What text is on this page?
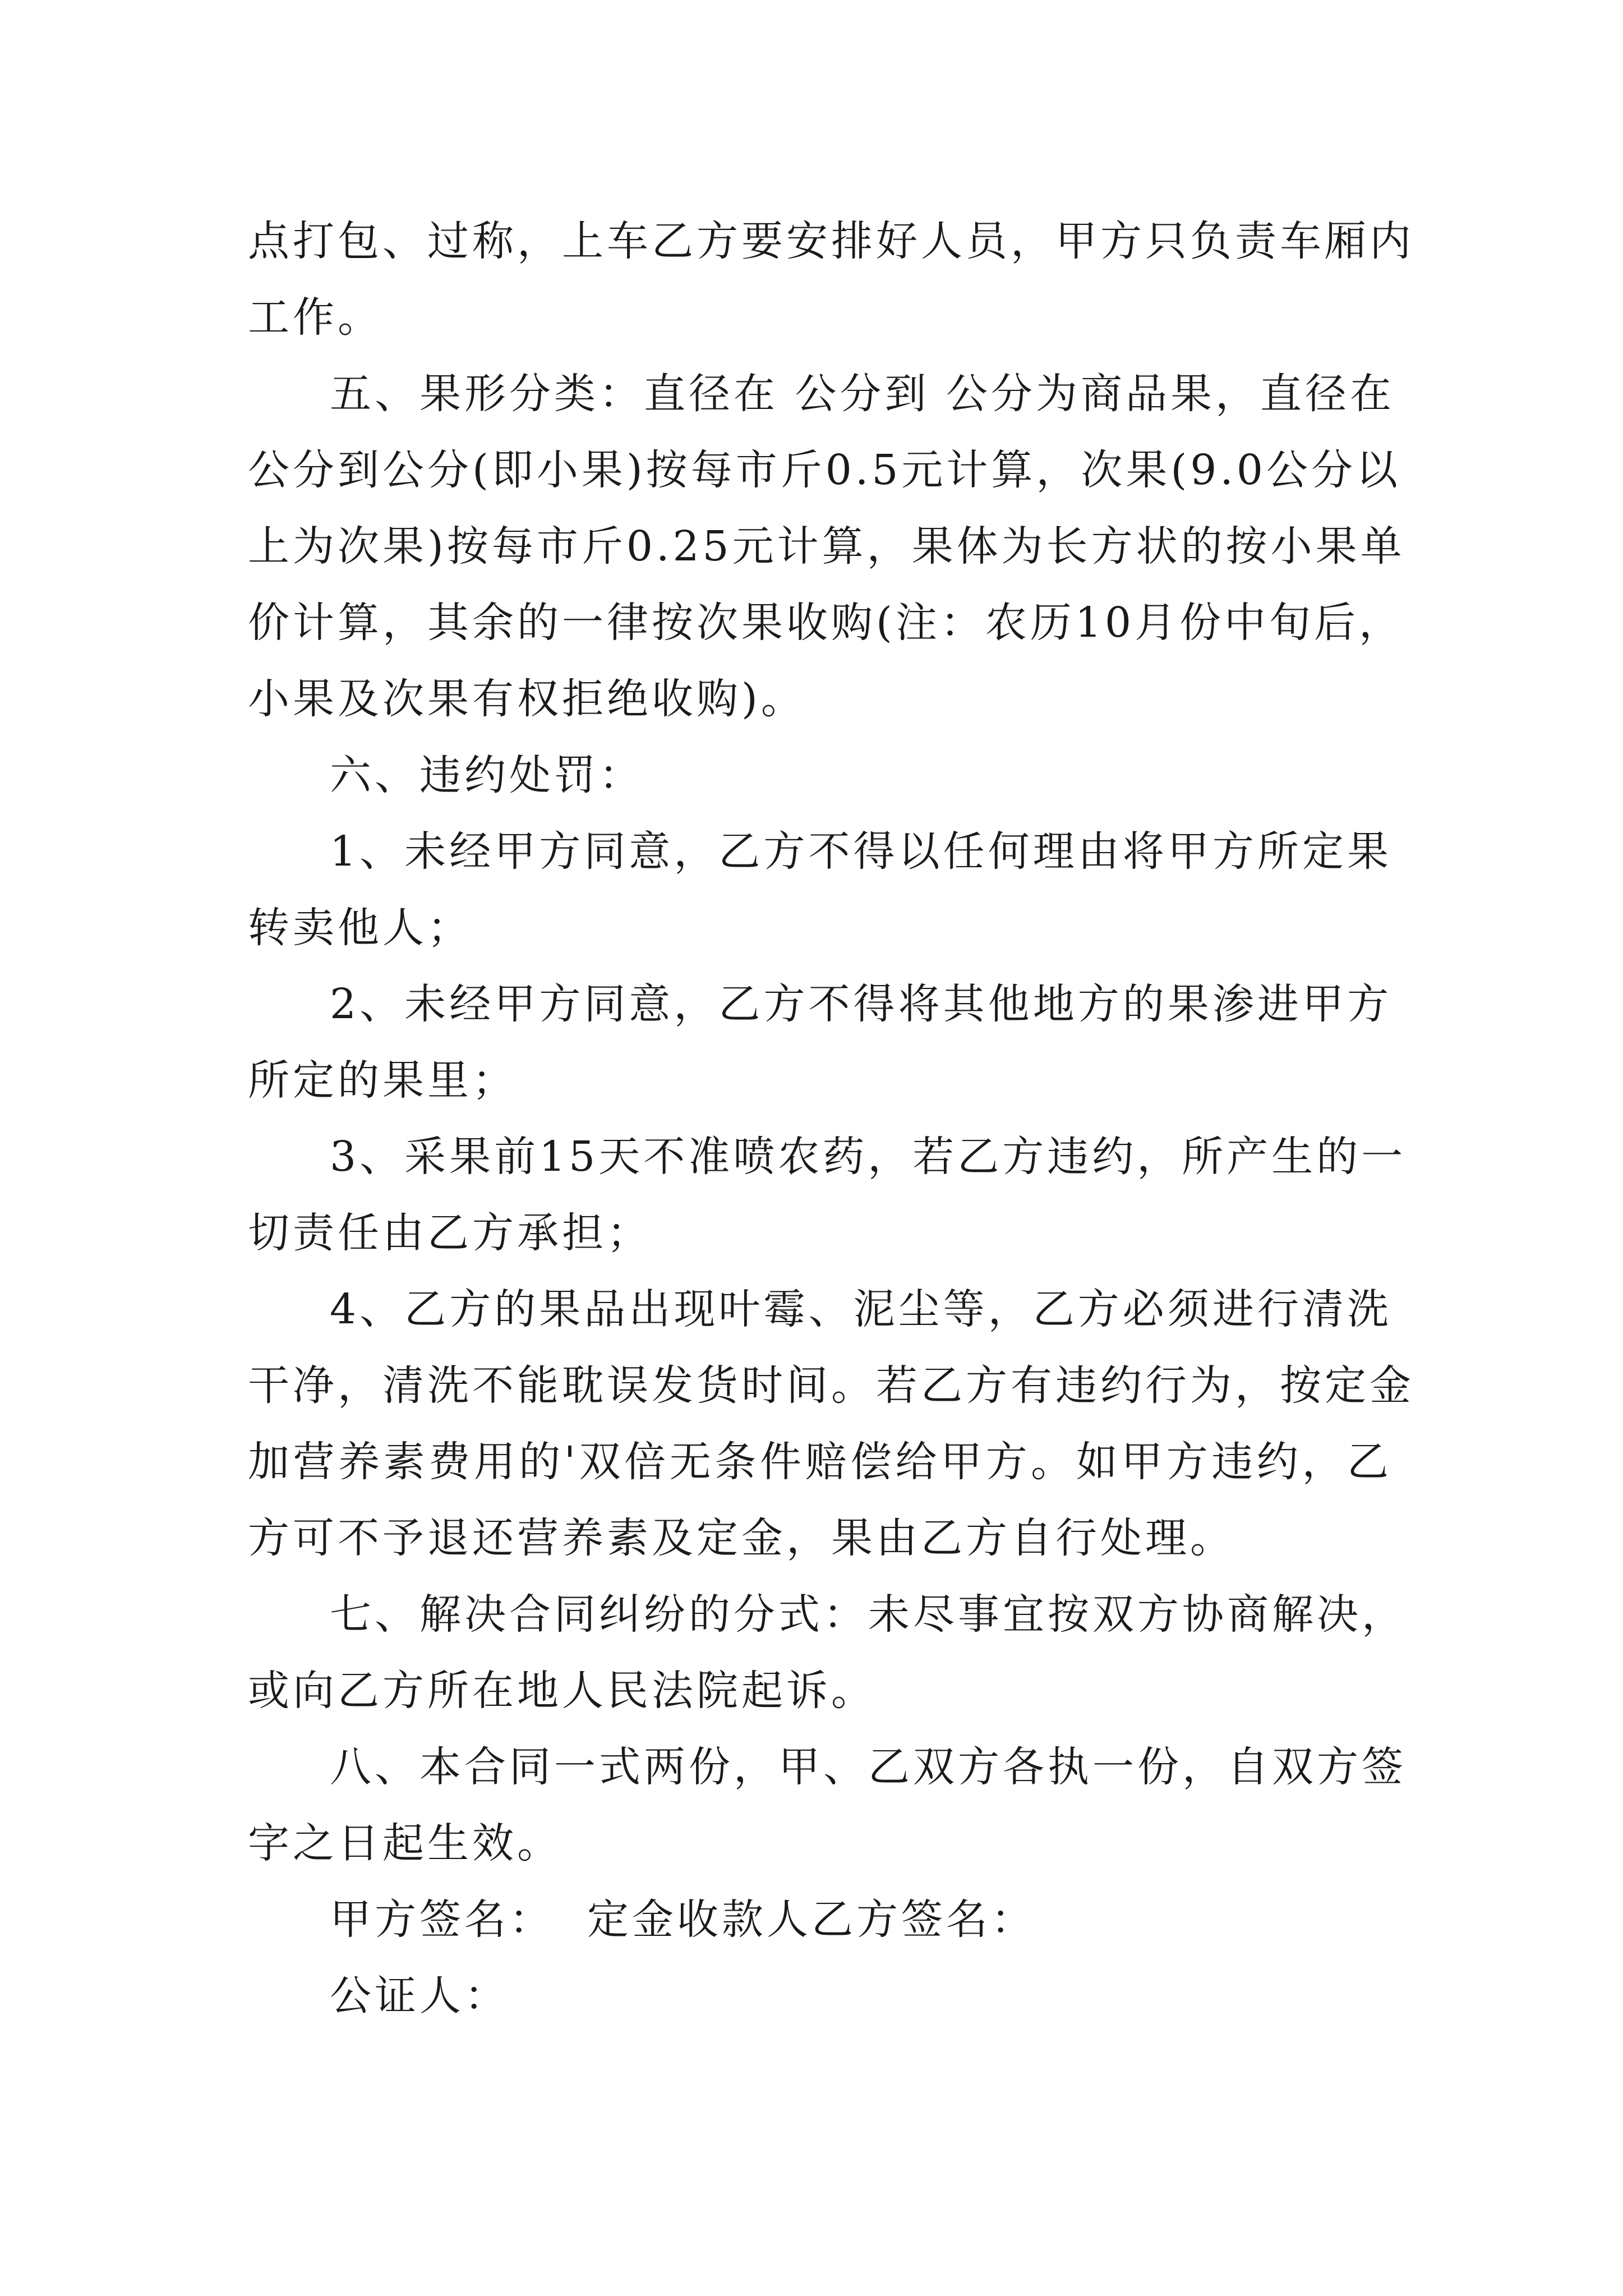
点打包、过称，上车乙方要安排好人员，甲方只负责车厢内
工作。
五、果形分类：直径在 公分到 公分为商品果，直径在
公分到公分(即小果)按每市斤0.5元计算，次果(9.0公分以
上为次果)按每市斤0.25元计算，果体为长方状的按小果单
价计算，其余的一律按次果收购(注：农历10月份中旬后，
小果及次果有权拒绝收购)。
六、违约处罚：
1、未经甲方同意，乙方不得以任何理由将甲方所定果
转卖他人；
2、未经甲方同意，乙方不得将其他地方的果渗进甲方
所定的果里；
3、采果前15天不准喷农药，若乙方违约，所产生的一
切责任由乙方承担；
4、乙方的果品出现叶霉、泥尘等，乙方必须进行清洗
干净，清洗不能耽误发货时间。若乙方有违约行为，按定金
加营养素费用的'双倍无条件赔偿给甲方。如甲方违约，乙
方可不予退还营养素及定金，果由乙方自行处理。
七、解决合同纠纷的分式：未尽事宜按双方协商解决，
或向乙方所在地人民法院起诉。
八、本合同一式两份，甲、乙双方各执一份，自双方签
字之日起生效。
甲方签名：  定金收款人乙方签名：
公证人：
